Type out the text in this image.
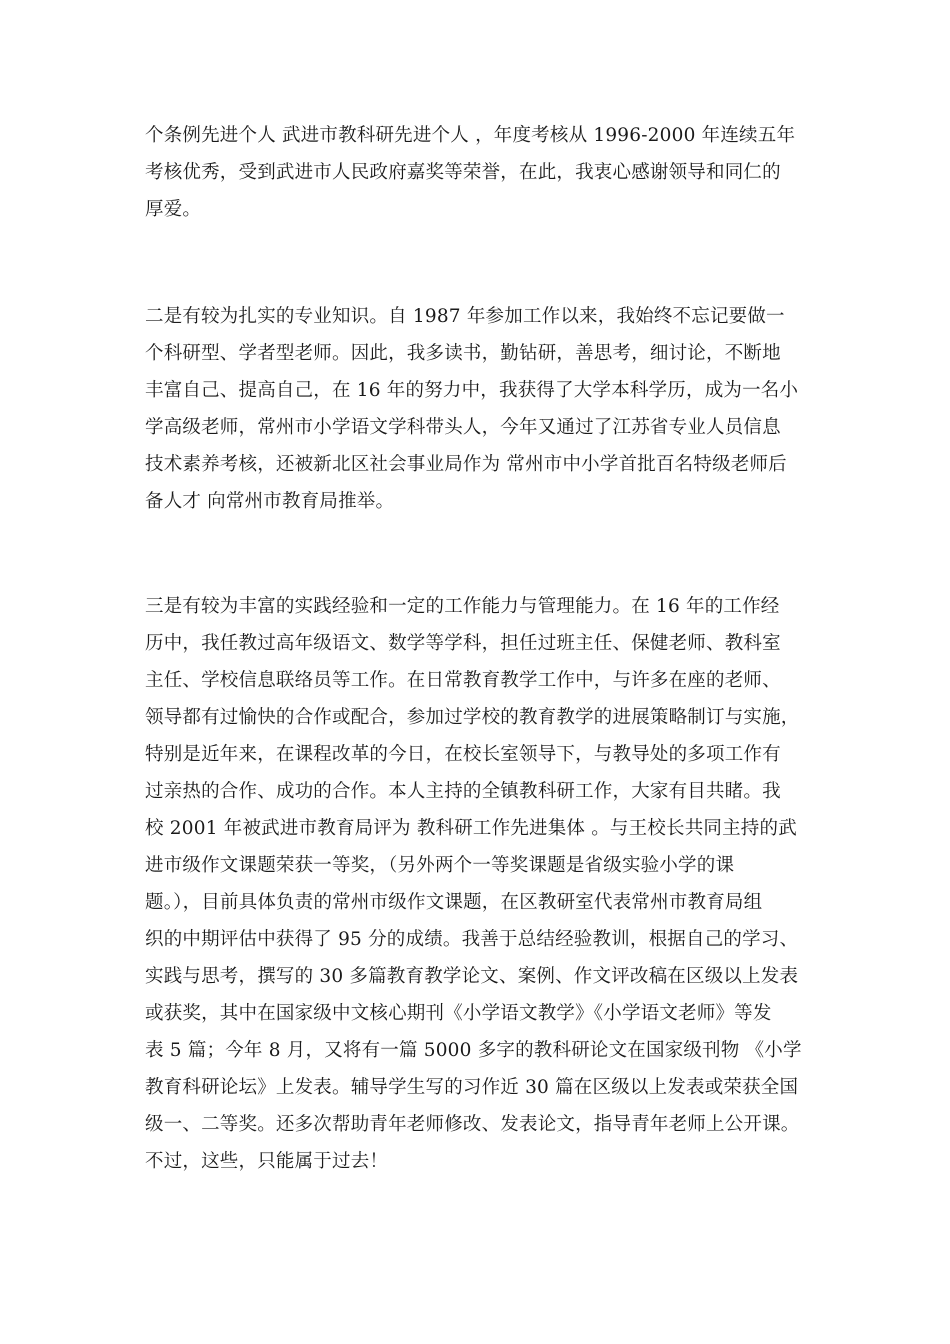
个条例先进个人 武进市教科研先进个人 ，年度考核从 1996-2000 年连续五年
考核优秀，受到武进市人民政府嘉奖等荣誉，在此，我衷心感谢领导和同仁的
厚爱。
二是有较为扎实的专业知识。自 1987 年参加工作以来，我始终不忘记要做一
个科研型、学者型老师。因此，我多读书，勤钻研，善思考，细讨论，不断地
丰富自己、提高自己，在 16 年的努力中，我获得了大学本科学历，成为一名小
学高级老师，常州市小学语文学科带头人，今年又通过了江苏省专业人员信息
技术素养考核，还被新北区社会事业局作为 常州市中小学首批百名特级老师后
备人才 向常州市教育局推举。
三是有较为丰富的实践经验和一定的工作能力与管理能力。在 16 年的工作经
历中，我任教过高年级语文、数学等学科，担任过班主任、保健老师、教科室
主任、学校信息联络员等工作。在日常教育教学工作中，与许多在座的老师、
领导都有过愉快的合作或配合，参加过学校的教育教学的进展策略制订与实施，
特别是近年来，在课程改革的今日，在校长室领导下，与教导处的多项工作有
过亲热的合作、成功的合作。本人主持的全镇教科研工作，大家有目共睹。我
校 2001 年被武进市教育局评为 教科研工作先进集体 。与王校长共同主持的武
进市级作文课题荣获一等奖，（另外两个一等奖课题是省级实验小学的课
题。），目前具体负责的常州市级作文课题，在区教研室代表常州市教育局组
织的中期评估中获得了 95 分的成绩。我善于总结经验教训，根据自己的学习、
实践与思考，撰写的 30 多篇教育教学论文、案例、作文评改稿在区级以上发表
或获奖，其中在国家级中文核心期刊《小学语文教学》《小学语文老师》等发
表 5 篇；今年 8 月，又将有一篇 5000 多字的教科研论文在国家级刊物 《小学
教育科研论坛》上发表。辅导学生写的习作近 30 篇在区级以上发表或荣获全国
级一、二等奖。还多次帮助青年老师修改、发表论文，指导青年老师上公开课。
不过，这些，只能属于过去！
